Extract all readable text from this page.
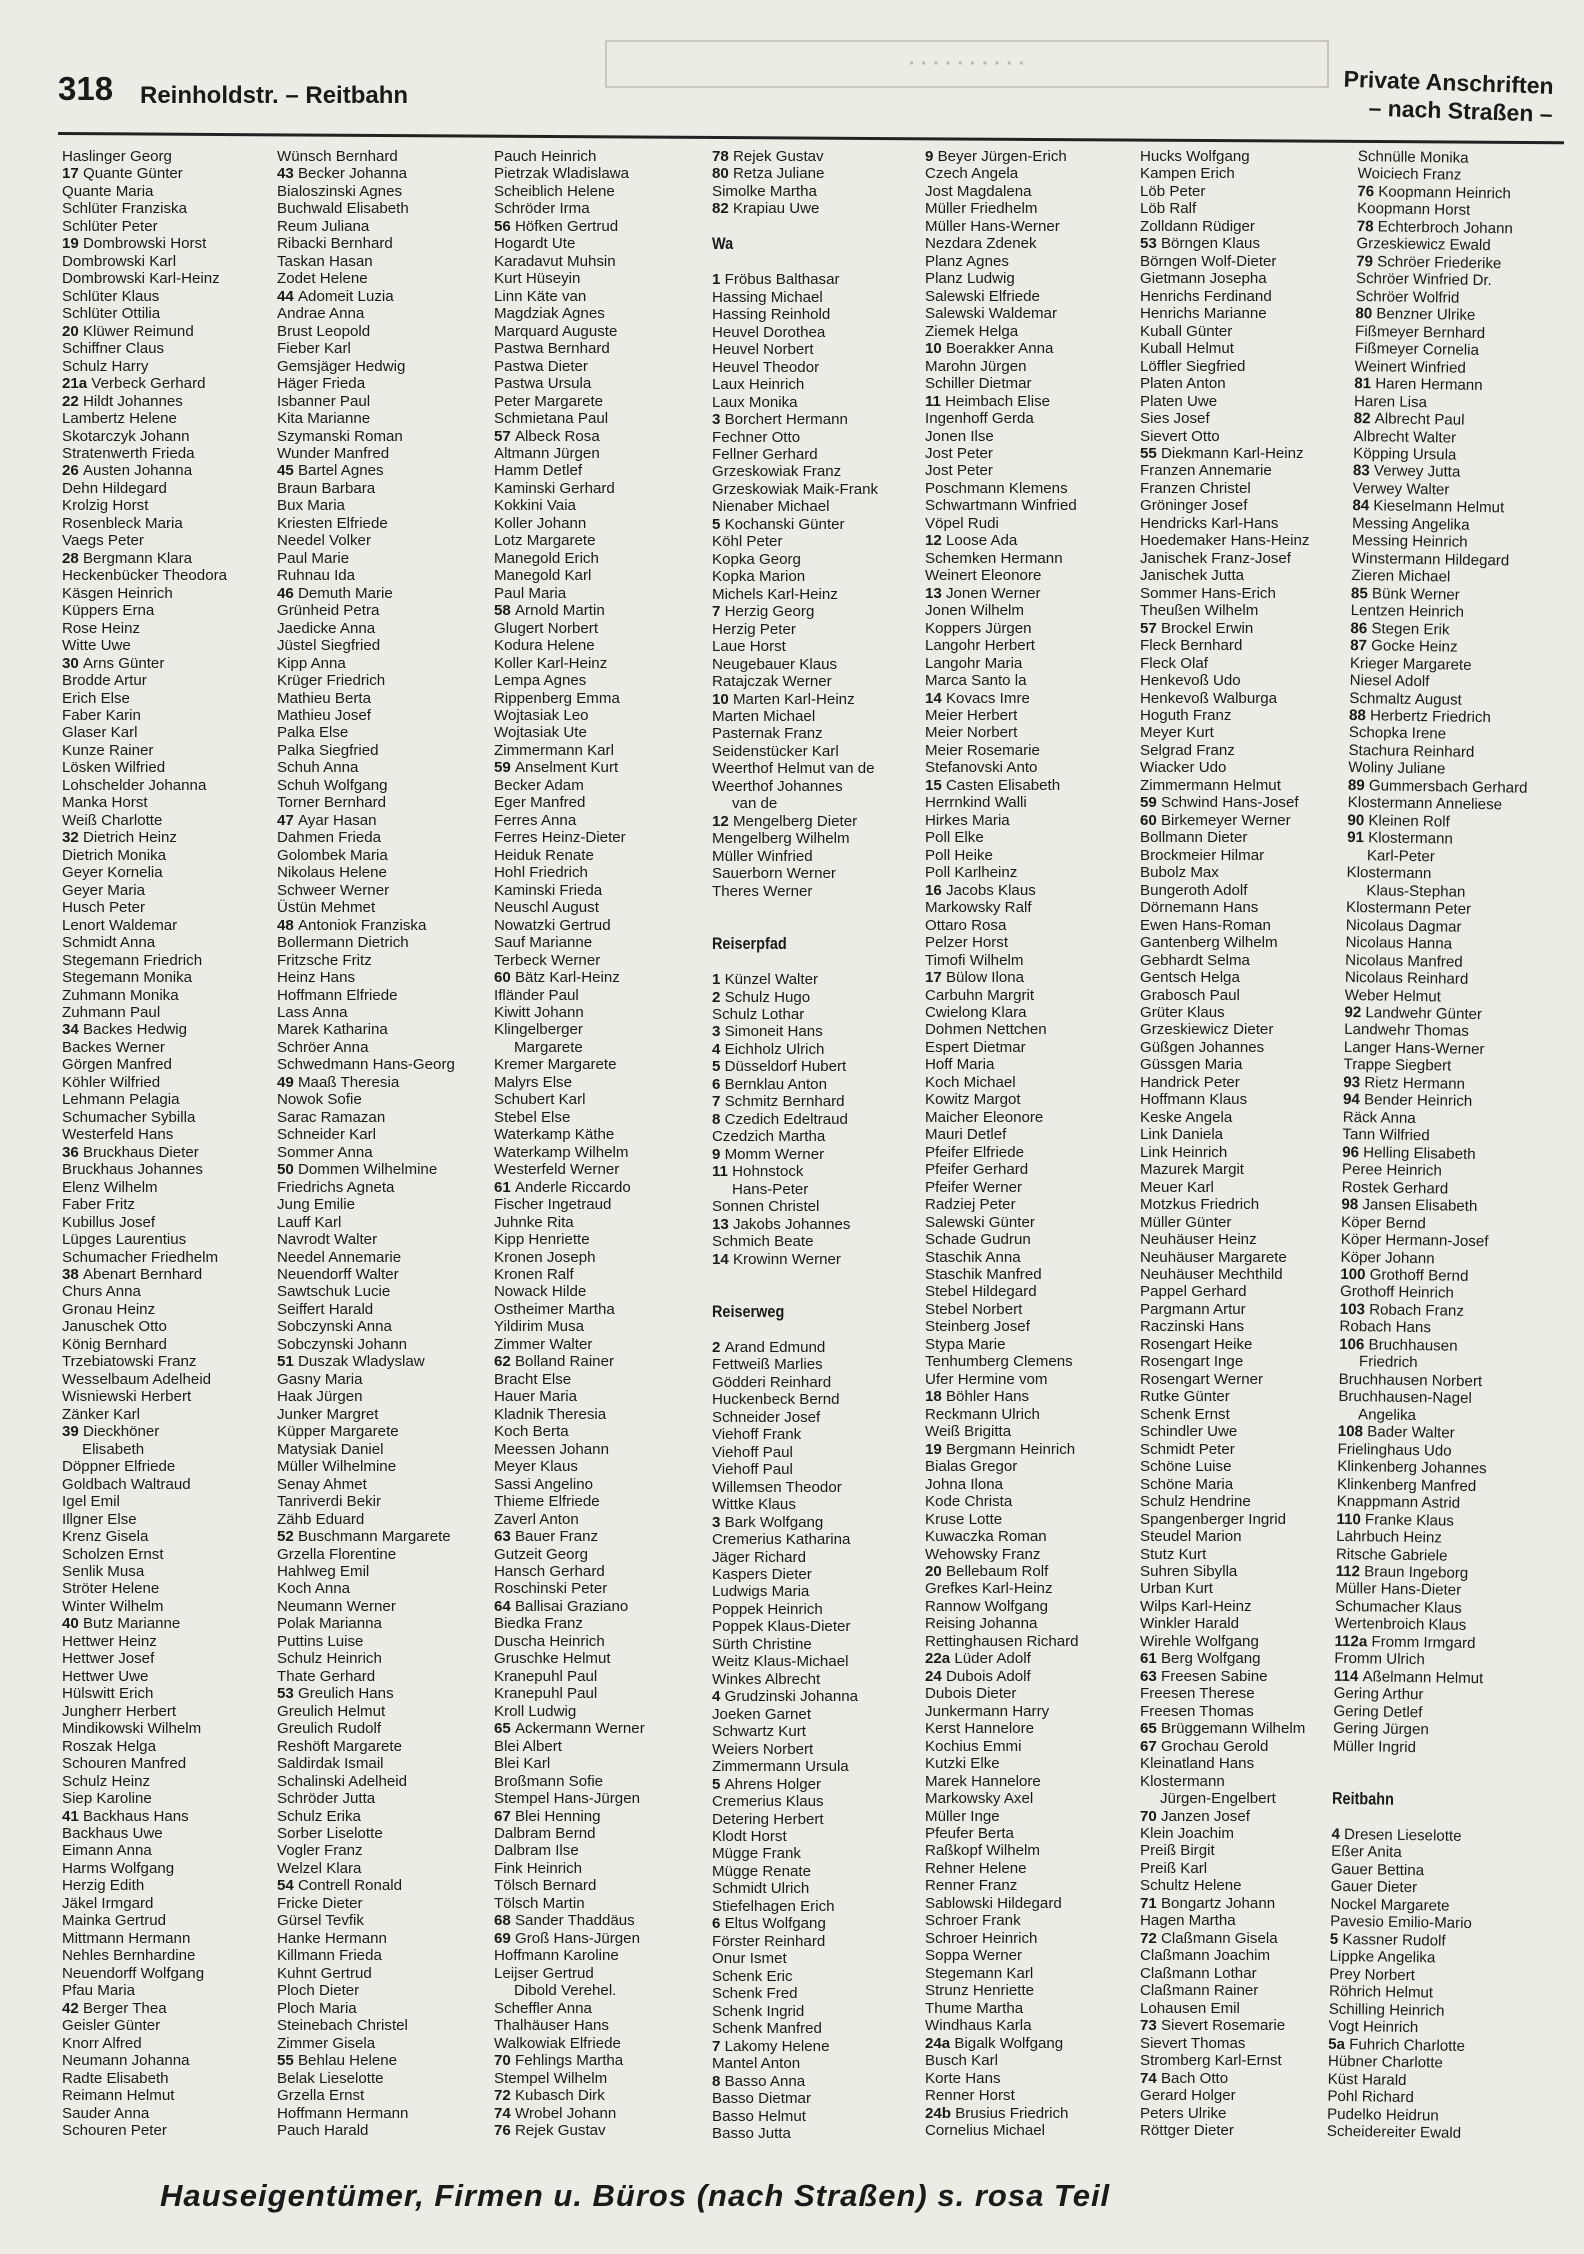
318 Reinholdstr. – Reitbahn
· · · · · · · · · ·
Private Anschriften
– nach Straßen –
Haslinger Georg
17 Quante Günter
Quante Maria
Schlüter Franziska
Schlüter Peter
19 Dombrowski Horst
Dombrowski Karl
Dombrowski Karl-Heinz
Schlüter Klaus
Schlüter Ottilia
20 Klüwer Reimund
Schiffner Claus
Schulz Harry
21a Verbeck Gerhard
22 Hildt Johannes
Lambertz Helene
Skotarczyk Johann
Stratenwerth Frieda
26 Austen Johanna
Dehn Hildegard
Krolzig Horst
Rosenbleck Maria
Vaegs Peter
28 Bergmann Klara
Heckenbücker Theodora
Käsgen Heinrich
Küppers Erna
Rose Heinz
Witte Uwe
30 Arns Günter
Brodde Artur
Erich Else
Faber Karin
Glaser Karl
Kunze Rainer
Lösken Wilfried
Lohschelder Johanna
Manka Horst
Weiß Charlotte
32 Dietrich Heinz
Dietrich Monika
Geyer Kornelia
Geyer Maria
Husch Peter
Lenort Waldemar
Schmidt Anna
Stegemann Friedrich
Stegemann Monika
Zuhmann Monika
Zuhmann Paul
34 Backes Hedwig
Backes Werner
Görgen Manfred
Köhler Wilfried
Lehmann Pelagia
Schumacher Sybilla
Westerfeld Hans
36 Bruckhaus Dieter
Bruckhaus Johannes
Elenz Wilhelm
Faber Fritz
Kubillus Josef
Lüpges Laurentius
Schumacher Friedhelm
38 Abenart Bernhard
Churs Anna
Gronau Heinz
Januschek Otto
König Bernhard
Trzebiatowski Franz
Wesselbaum Adelheid
Wisniewski Herbert
Zänker Karl
39 Dieckhöner
Elisabeth
Döppner Elfriede
Goldbach Waltraud
Igel Emil
Illgner Else
Krenz Gisela
Scholzen Ernst
Senlik Musa
Ströter Helene
Winter Wilhelm
40 Butz Marianne
Hettwer Heinz
Hettwer Josef
Hettwer Uwe
Hülswitt Erich
Jungherr Herbert
Mindikowski Wilhelm
Roszak Helga
Schouren Manfred
Schulz Heinz
Siep Karoline
41 Backhaus Hans
Backhaus Uwe
Eimann Anna
Harms Wolfgang
Herzig Edith
Jäkel Irmgard
Mainka Gertrud
Mittmann Hermann
Nehles Bernhardine
Neuendorff Wolfgang
Pfau Maria
42 Berger Thea
Geisler Günter
Knorr Alfred
Neumann Johanna
Radte Elisabeth
Reimann Helmut
Sauder Anna
Schouren Peter
Wünsch Bernhard
43 Becker Johanna
Bialoszinski Agnes
Buchwald Elisabeth
Reum Juliana
Ribacki Bernhard
Taskan Hasan
Zodet Helene
44 Adomeit Luzia
Andrae Anna
Brust Leopold
Fieber Karl
Gemsjäger Hedwig
Häger Frieda
Isbanner Paul
Kita Marianne
Szymanski Roman
Wunder Manfred
45 Bartel Agnes
Braun Barbara
Bux Maria
Kriesten Elfriede
Needel Volker
Paul Marie
Ruhnau Ida
46 Demuth Marie
Grünheid Petra
Jaedicke Anna
Jüstel Siegfried
Kipp Anna
Krüger Friedrich
Mathieu Berta
Mathieu Josef
Palka Else
Palka Siegfried
Schuh Anna
Schuh Wolfgang
Torner Bernhard
47 Ayar Hasan
Dahmen Frieda
Golombek Maria
Nikolaus Helene
Schweer Werner
Üstün Mehmet
48 Antoniok Franziska
Bollermann Dietrich
Fritzsche Fritz
Heinz Hans
Hoffmann Elfriede
Lass Anna
Marek Katharina
Schröer Anna
Schwedmann Hans-Georg
49 Maaß Theresia
Nowok Sofie
Sarac Ramazan
Schneider Karl
Sommer Anna
50 Dommen Wilhelmine
Friedrichs Agneta
Jung Emilie
Lauff Karl
Navrodt Walter
Needel Annemarie
Neuendorff Walter
Sawtschuk Lucie
Seiffert Harald
Sobczynski Anna
Sobczynski Johann
51 Duszak Wladyslaw
Gasny Maria
Haak Jürgen
Junker Margret
Küpper Margarete
Matysiak Daniel
Müller Wilhelmine
Senay Ahmet
Tanriverdi Bekir
Zähb Eduard
52 Buschmann Margarete
Grzella Florentine
Hahlweg Emil
Koch Anna
Neumann Werner
Polak Marianna
Puttins Luise
Schulz Heinrich
Thate Gerhard
53 Greulich Hans
Greulich Helmut
Greulich Rudolf
Reshöft Margarete
Saldirdak Ismail
Schalinski Adelheid
Schröder Jutta
Schulz Erika
Sorber Liselotte
Vogler Franz
Welzel Klara
54 Contrell Ronald
Fricke Dieter
Gürsel Tevfik
Hanke Hermann
Killmann Frieda
Kuhnt Gertrud
Ploch Dieter
Ploch Maria
Steinebach Christel
Zimmer Gisela
55 Behlau Helene
Belak Lieselotte
Grzella Ernst
Hoffmann Hermann
Pauch Harald
Pauch Heinrich
Pietrzak Wladislawa
Scheiblich Helene
Schröder Irma
56 Höfken Gertrud
Hogardt Ute
Karadavut Muhsin
Kurt Hüseyin
Linn Käte van
Magdziak Agnes
Marquard Auguste
Pastwa Bernhard
Pastwa Dieter
Pastwa Ursula
Peter Margarete
Schmietana Paul
57 Albeck Rosa
Altmann Jürgen
Hamm Detlef
Kaminski Gerhard
Kokkini Vaia
Koller Johann
Lotz Margarete
Manegold Erich
Manegold Karl
Paul Maria
58 Arnold Martin
Glugert Norbert
Kodura Helene
Koller Karl-Heinz
Lempa Agnes
Rippenberg Emma
Wojtasiak Leo
Wojtasiak Ute
Zimmermann Karl
59 Anselment Kurt
Becker Adam
Eger Manfred
Ferres Anna
Ferres Heinz-Dieter
Heiduk Renate
Hohl Friedrich
Kaminski Frieda
Neuschl August
Nowatzki Gertrud
Sauf Marianne
Terbeck Werner
60 Bätz Karl-Heinz
Ifländer Paul
Kiwitt Johann
Klingelberger
Margarete
Kremer Margarete
Malyrs Else
Schubert Karl
Stebel Else
Waterkamp Käthe
Waterkamp Wilhelm
Westerfeld Werner
61 Anderle Riccardo
Fischer Ingetraud
Juhnke Rita
Kipp Henriette
Kronen Joseph
Kronen Ralf
Nowack Hilde
Ostheimer Martha
Yildirim Musa
Zimmer Walter
62 Bolland Rainer
Bracht Else
Hauer Maria
Kladnik Theresia
Koch Berta
Meessen Johann
Meyer Klaus
Sassi Angelino
Thieme Elfriede
Zaverl Anton
63 Bauer Franz
Gutzeit Georg
Hansch Gerhard
Roschinski Peter
64 Ballisai Graziano
Biedka Franz
Duscha Heinrich
Gruschke Helmut
Kranepuhl Paul
Kranepuhl Paul
Kroll Ludwig
65 Ackermann Werner
Blei Albert
Blei Karl
Broßmann Sofie
Stempel Hans-Jürgen
67 Blei Henning
Dalbram Bernd
Dalbram Ilse
Fink Heinrich
Tölsch Bernard
Tölsch Martin
68 Sander Thaddäus
69 Groß Hans-Jürgen
Hoffmann Karoline
Leijser Gertrud
Dibold Verehel.
Scheffler Anna
Thalhäuser Hans
Walkowiak Elfriede
70 Fehlings Martha
Stempel Wilhelm
72 Kubasch Dirk
74 Wrobel Johann
76 Rejek Gustav
78 Rejek Gustav
80 Retza Juliane
Simolke Martha
82 Krapiau Uwe

Wa

1 Fröbus Balthasar
Hassing Michael
Hassing Reinhold
Heuvel Dorothea
Heuvel Norbert
Heuvel Theodor
Laux Heinrich
Laux Monika
3 Borchert Hermann
Fechner Otto
Fellner Gerhard
Grzeskowiak Franz
Grzeskowiak Maik-Frank
Nienaber Michael
5 Kochanski Günter
Köhl Peter
Kopka Georg
Kopka Marion
Michels Karl-Heinz
7 Herzig Georg
Herzig Peter
Laue Horst
Neugebauer Klaus
Ratajczak Werner
10 Marten Karl-Heinz
Marten Michael
Pasternak Franz
Seidenstücker Karl
Weerthof Helmut van de
Weerthof Johannes
van de
12 Mengelberg Dieter
Mengelberg Wilhelm
Müller Winfried
Sauerborn Werner
Theres Werner

Reiserpfad

1 Künzel Walter
2 Schulz Hugo
Schulz Lothar
3 Simoneit Hans
4 Eichholz Ulrich
5 Düsseldorf Hubert
6 Bernklau Anton
7 Schmitz Bernhard
8 Czedich Edeltraud
Czedzich Martha
9 Momm Werner
11 Hohnstock
Hans-Peter
Sonnen Christel
13 Jakobs Johannes
Schmich Beate
14 Krowinn Werner

Reiserweg

2 Arand Edmund
Fettweiß Marlies
Gödderi Reinhard
Huckenbeck Bernd
Schneider Josef
Viehoff Frank
Viehoff Paul
Viehoff Paul
Willemsen Theodor
Wittke Klaus
3 Bark Wolfgang
Cremerius Katharina
Jäger Richard
Kaspers Dieter
Ludwigs Maria
Poppek Heinrich
Poppek Klaus-Dieter
Sürth Christine
Weitz Klaus-Michael
Winkes Albrecht
4 Grudzinski Johanna
Joeken Garnet
Schwartz Kurt
Weiers Norbert
Zimmermann Ursula
5 Ahrens Holger
Cremerius Klaus
Detering Herbert
Klodt Horst
Mügge Frank
Mügge Renate
Schmidt Ulrich
Stiefelhagen Erich
6 Eltus Wolfgang
Förster Reinhard
Onur Ismet
Schenk Eric
Schenk Fred
Schenk Ingrid
Schenk Manfred
7 Lakomy Helene
Mantel Anton
8 Basso Anna
Basso Dietmar
Basso Helmut
Basso Jutta
9 Beyer Jürgen-Erich
Czech Angela
Jost Magdalena
Müller Friedhelm
Müller Hans-Werner
Nezdara Zdenek
Planz Agnes
Planz Ludwig
Salewski Elfriede
Salewski Waldemar
Ziemek Helga
10 Boerakker Anna
Marohn Jürgen
Schiller Dietmar
11 Heimbach Elise
Ingenhoff Gerda
Jonen Ilse
Jost Peter
Jost Peter
Poschmann Klemens
Schwartmann Winfried
Vöpel Rudi
12 Loose Ada
Schemken Hermann
Weinert Eleonore
13 Jonen Werner
Jonen Wilhelm
Koppers Jürgen
Langohr Herbert
Langohr Maria
Marca Santo la
14 Kovacs Imre
Meier Herbert
Meier Norbert
Meier Rosemarie
Stefanovski Anto
15 Casten Elisabeth
Herrnkind Walli
Hirkes Maria
Poll Elke
Poll Heike
Poll Karlheinz
16 Jacobs Klaus
Markowsky Ralf
Ottaro Rosa
Pelzer Horst
Timofi Wilhelm
17 Bülow Ilona
Carbuhn Margrit
Cwielong Klara
Dohmen Nettchen
Espert Dietmar
Hoff Maria
Koch Michael
Kowitz Margot
Maicher Eleonore
Mauri Detlef
Pfeifer Elfriede
Pfeifer Gerhard
Pfeifer Werner
Radziej Peter
Salewski Günter
Schade Gudrun
Staschik Anna
Staschik Manfred
Stebel Hildegard
Stebel Norbert
Steinberg Josef
Stypa Marie
Tenhumberg Clemens
Ufer Hermine vom
18 Böhler Hans
Reckmann Ulrich
Weiß Brigitta
19 Bergmann Heinrich
Bialas Gregor
Johna Ilona
Kode Christa
Kruse Lotte
Kuwaczka Roman
Wehowsky Franz
20 Bellebaum Rolf
Grefkes Karl-Heinz
Rannow Wolfgang
Reising Johanna
Rettinghausen Richard
22a Lüder Adolf
24 Dubois Adolf
Dubois Dieter
Junkermann Harry
Kerst Hannelore
Kochius Emmi
Kutzki Elke
Marek Hannelore
Markowsky Axel
Müller Inge
Pfeufer Berta
Raßkopf Wilhelm
Rehner Helene
Renner Franz
Sablowski Hildegard
Schroer Frank
Schroer Heinrich
Soppa Werner
Stegemann Karl
Strunz Henriette
Thume Martha
Windhaus Karla
24a Bigalk Wolfgang
Busch Karl
Korte Hans
Renner Horst
24b Brusius Friedrich
Cornelius Michael
Hucks Wolfgang
Kampen Erich
Löb Peter
Löb Ralf
Zolldann Rüdiger
53 Börngen Klaus
Börngen Wolf-Dieter
Gietmann Josepha
Henrichs Ferdinand
Henrichs Marianne
Kuball Günter
Kuball Helmut
Löffler Siegfried
Platen Anton
Platen Uwe
Sies Josef
Sievert Otto
55 Diekmann Karl-Heinz
Franzen Annemarie
Franzen Christel
Gröninger Josef
Hendricks Karl-Hans
Hoedemaker Hans-Heinz
Janischek Franz-Josef
Janischek Jutta
Sommer Hans-Erich
Theußen Wilhelm
57 Brockel Erwin
Fleck Bernhard
Fleck Olaf
Henkevoß Udo
Henkevoß Walburga
Hoguth Franz
Meyer Kurt
Selgrad Franz
Wiacker Udo
Zimmermann Helmut
59 Schwind Hans-Josef
60 Birkemeyer Werner
Bollmann Dieter
Brockmeier Hilmar
Bubolz Max
Bungeroth Adolf
Dörnemann Hans
Ewen Hans-Roman
Gantenberg Wilhelm
Gebhardt Selma
Gentsch Helga
Grabosch Paul
Grüter Klaus
Grzeskiewicz Dieter
Güßgen Johannes
Güssgen Maria
Handrick Peter
Hoffmann Klaus
Keske Angela
Link Daniela
Link Heinrich
Mazurek Margit
Meuer Karl
Motzkus Friedrich
Müller Günter
Neuhäuser Heinz
Neuhäuser Margarete
Neuhäuser Mechthild
Pappel Gerhard
Pargmann Artur
Raczinski Hans
Rosengart Heike
Rosengart Inge
Rosengart Werner
Rutke Günter
Schenk Ernst
Schindler Uwe
Schmidt Peter
Schöne Luise
Schöne Maria
Schulz Hendrine
Spangenberger Ingrid
Steudel Marion
Stutz Kurt
Suhren Sibylla
Urban Kurt
Wilps Karl-Heinz
Winkler Harald
Wirehle Wolfgang
61 Berg Wolfgang
63 Freesen Sabine
Freesen Therese
Freesen Thomas
65 Brüggemann Wilhelm
67 Grochau Gerold
Kleinatland Hans
Klostermann
Jürgen-Engelbert
70 Janzen Josef
Klein Joachim
Preiß Birgit
Preiß Karl
Schultz Helene
71 Bongartz Johann
Hagen Martha
72 Claßmann Gisela
Claßmann Joachim
Claßmann Lothar
Claßmann Rainer
Lohausen Emil
73 Sievert Rosemarie
Sievert Thomas
Stromberg Karl-Ernst
74 Bach Otto
Gerard Holger
Peters Ulrike
Röttger Dieter
Schnülle Monika
Woiciech Franz
76 Koopmann Heinrich
Koopmann Horst
78 Echterbroch Johann
Grzeskiewicz Ewald
79 Schröer Friederike
Schröer Winfried Dr.
Schröer Wolfrid
80 Benzner Ulrike
Fißmeyer Bernhard
Fißmeyer Cornelia
Weinert Winfried
81 Haren Hermann
Haren Lisa
82 Albrecht Paul
Albrecht Walter
Köpping Ursula
83 Verwey Jutta
Verwey Walter
84 Kieselmann Helmut
Messing Angelika
Messing Heinrich
Winstermann Hildegard
Zieren Michael
85 Bünk Werner
Lentzen Heinrich
86 Stegen Erik
87 Gocke Heinz
Krieger Margarete
Niesel Adolf
Schmaltz August
88 Herbertz Friedrich
Schopka Irene
Stachura Reinhard
Woliny Juliane
89 Gummersbach Gerhard
Klostermann Anneliese
90 Kleinen Rolf
91 Klostermann
Karl-Peter
Klostermann
Klaus-Stephan
Klostermann Peter
Nicolaus Dagmar
Nicolaus Hanna
Nicolaus Manfred
Nicolaus Reinhard
Weber Helmut
92 Landwehr Günter
Landwehr Thomas
Langer Hans-Werner
Trappe Siegbert
93 Rietz Hermann
94 Bender Heinrich
Räck Anna
Tann Wilfried
96 Helling Elisabeth
Peree Heinrich
Rostek Gerhard
98 Jansen Elisabeth
Köper Bernd
Köper Hermann-Josef
Köper Johann
100 Grothoff Bernd
Grothoff Heinrich
103 Robach Franz
Robach Hans
106 Bruchhausen
Friedrich
Bruchhausen Norbert
Bruchhausen-Nagel
Angelika
108 Bader Walter
Frielinghaus Udo
Klinkenberg Johannes
Klinkenberg Manfred
Knappmann Astrid
110 Franke Klaus
Lahrbuch Heinz
Ritsche Gabriele
112 Braun Ingeborg
Müller Hans-Dieter
Schumacher Klaus
Wertenbroich Klaus
112a Fromm Irmgard
Fromm Ulrich
114 Aßelmann Helmut
Gering Arthur
Gering Detlef
Gering Jürgen
Müller Ingrid

Reitbahn

4 Dresen Lieselotte
Eßer Anita
Gauer Bettina
Gauer Dieter
Nockel Margarete
Pavesio Emilio-Mario
5 Kassner Rudolf
Lippke Angelika
Prey Norbert
Röhrich Helmut
Schilling Heinrich
Vogt Heinrich
5a Fuhrich Charlotte
Hübner Charlotte
Küst Harald
Pohl Richard
Pudelko Heidrun
Scheidereiter Ewald
Hauseigentümer, Firmen u. Büros (nach Straßen) s. rosa Teil
